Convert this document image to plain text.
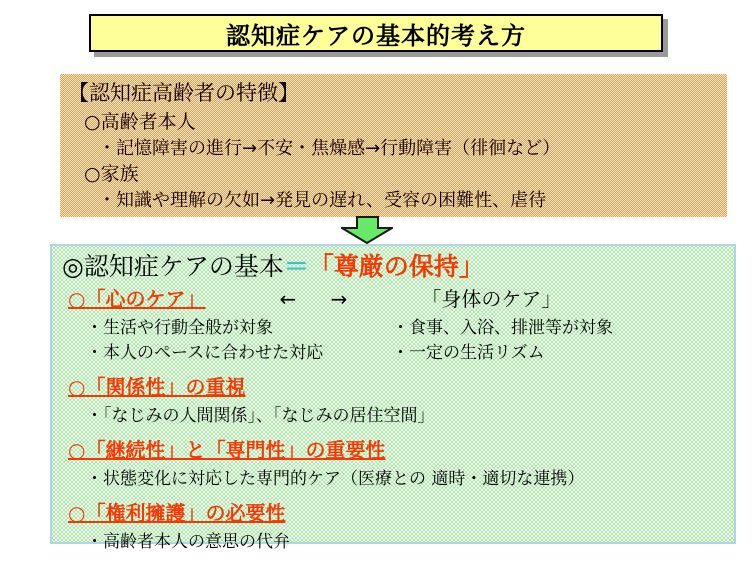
認知症ケアの基本的考え方
【認知症高齢者の特徴】
○高齢者本人
・記憶障害の進行→不安・焦燥感→行動障害（徘徊など）
○家族
・知識や理解の欠如→発見の遅れ、受容の困難性、虐待
◎認知症ケアの基本＝「尊厳の保持」
○「心のケア」	← →	「身体のケア」
・生活や行動全般が対象	・食事、入浴、排泄等が対象
・本人のペースに合わせた対応	・一定の生活リズム
○「関係性」の重視
・「なじみの人間関係」、「なじみの居住空間」
○「継続性」と「専門性」の重要性
・状態変化に対応した専門的ケア（医療との 適時・適切な連携）
○「権利擁護」の必要性
・高齢者本人の意思の代弁
